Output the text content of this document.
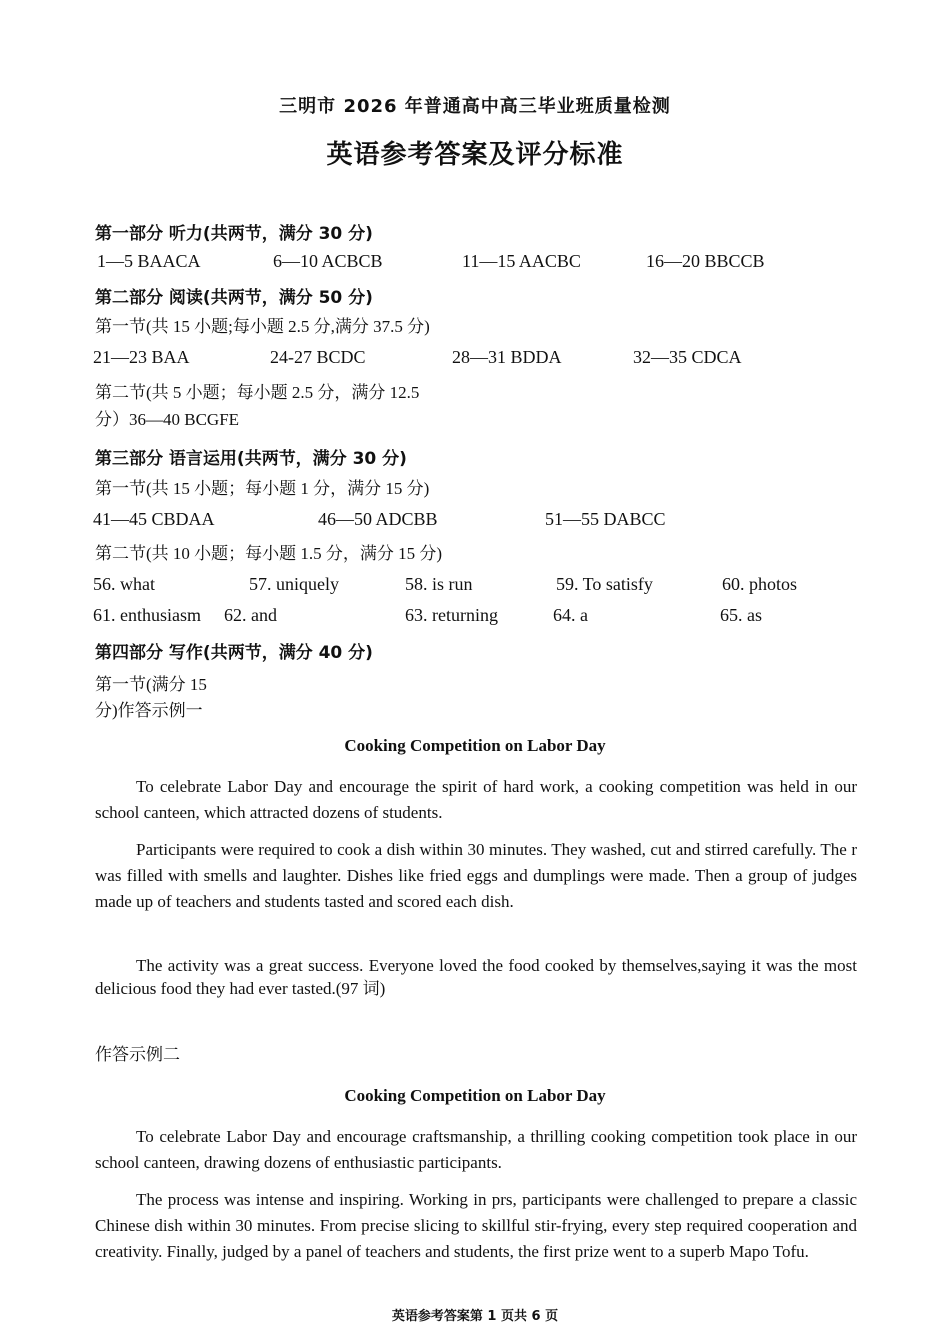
三明市 2026 年普通高中高三毕业班质量检测
英语参考答案及评分标准
第一部分 听力(共两节，满分 30 分)
1—5 BAACA	6—10 ACBCB	11—15 AACBC	16—20 BBCCB
第二部分 阅读(共两节，满分 50 分)
第一节(共 15 小题;每小题 2.5 分,满分 37.5 分)
21—23 BAA	24-27 BCDC	28—31 BDDA	32—35 CDCA
第二节(共 5 小题；每小题 2.5 分，满分 12.5
分）36—40 BCGFE
第三部分 语言运用(共两节，满分 30 分)
第一节(共 15 小题；每小题 1 分，满分 15 分)
41—45 CBDAA	46—50 ADCBB	51—55 DABCC
第二节(共 10 小题；每小题 1.5 分，满分 15 分)
56. what	57. uniquely	58. is run	59. To satisfy	60. photos
61. enthusiasm 62. and	63. returning	64. a	65. as
第四部分 写作(共两节，满分 40 分)
第一节(满分 15
分)作答示例一
Cooking Competition on Labor Day
To celebrate Labor Day and encourage the spirit of hard work, a cooking competition was held in our school canteen, which attracted dozens of students.
Participants were required to cook a dish within 30 minutes. They washed, cut and stirred carefully. The r was filled with smells and laughter. Dishes like fried eggs and dumplings were made. Then a group of judges made up of teachers and students tasted and scored each dish.
The activity was a great success. Everyone loved the food cooked by themselves,saying it was the most delicious food they had ever tasted.(97 词)
作答示例二
Cooking Competition on Labor Day
To celebrate Labor Day and encourage craftsmanship, a thrilling cooking competition took place in our school canteen, drawing dozens of enthusiastic participants.
The process was intense and inspiring. Working in prs, participants were challenged to prepare a classic Chinese dish within 30 minutes. From precise slicing to skillful stir-frying, every step required cooperation and creativity. Finally, judged by a panel of teachers and students, the first prize went to a superb Mapo Tofu.
英语参考答案第 1 页共 6 页
